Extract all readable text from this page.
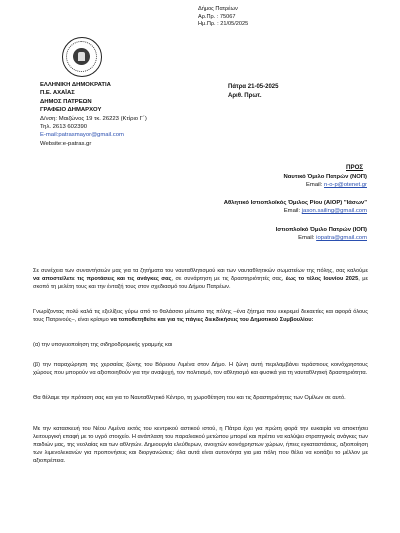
Δήμος Πατρέων
Αρ.Πρ. : 75067
Ημ.Πρ. : 21/05/2025
ΕΛΛΗΝΙΚΗ ΔΗΜΟΚΡΑΤΙΑ
Π.Ε. ΑΧΑΪΑΣ
ΔΗΜΟΣ ΠΑΤΡΕΩΝ
ΓΡΑΦΕΙΟ ΔΗΜΑΡΧΟΥ
Δ/νση: Μαιζώνος 19 τκ. 26223 (Κτίριο Γ΄)
Τηλ. 2613 602390
E-mail:patrasmayor@gmail.com
Website:e-patras.gr
Πάτρα 21-05-2025
Αριθ. Πρωτ.
ΠΡΟΣ
Ναυτικό Όμιλο Πατρών (ΝΟΠ)
Email: n-o-p@otenet.gr
Αθλητικό Ιστιοπλοϊκός Όμιλος Ρίου (ΑΙΟΡ) "Ιάσων"
Email: jason.sailing@gmail.com
Ιστιοπλοϊκό Όμιλο Πατρών (ΙΟΠ)
Email: iopatra@gmail.com
Σε συνέχεια των συναντήσεών μας για τα ζητήματα του ναυταθλητισμού και των ναυταθλητικών σωματείων της πόλης, σας καλούμε να αποστείλετε τις προτάσεις και τις ανάγκες σας, σε συνάρτηση με τις δραστηριότητές σας, έως το τέλος Ιουνίου 2025, με σκοπό τη μελέτη τους και την ένταξή τους στον σχεδιασμό του Δήμου Πατρέων.
Γνωρίζοντας πολύ καλά τις εξελίξεις γύρω από το θαλάσσιο μέτωπο της πόλης –ένα ζήτημα που εκκρεμεί δεκαετίες και αφορά όλους τους Πατρινούς–, είναι κρίσιμο να τοποθετηθείτε και για τις πάγιες διεκδικήσεις του Δημοτικού Συμβουλίου:
(α) την υπογειοποίηση της σιδηροδρομικής γραμμής και
(β) την παραχώρηση της χερσαίας ζώνης του Βόρειου Λιμένα στον Δήμο. Η ζώνη αυτή περιλαμβάνει τεράστιους κοινόχρηστους χώρους που μπορούν να αξιοποιηθούν για την αναψυχή, τον πολιτισμό, τον αθλητισμό και φυσικά για τη ναυταθλητική δραστηριότητα.
Θα θέλαμε την πρόταση σας και για το Ναυταθλητικό Κέντρο, τη χωροθέτηση του και τις δραστηριότητες των Ομίλων σε αυτό.
Με την κατασκευή του Νέου Λιμένα εκτός του κεντρικού αστικού ιστού, η Πάτρα έχει για πρώτη φορά την ευκαιρία να αποκτήσει λειτουργική επαφή με το υγρό στοιχείο. Η ανάπλαση του παραλιακού μετώπου μπορεί και πρέπει να καλύψει στρατηγικές ανάγκες των παιδιών μας, της νεολαίας και των αθλητών. Δημιουργία ελεύθερων, ανοιχτών κοινόχρηστων χώρων, ήπιες εγκαταστάσεις, αξιοποίηση των λιμενολεκανών για προπονήσεις και διοργανώσεις: όλα αυτά είναι αυτονόητα για μια πόλη που θέλει να κοιτάξει το μέλλον με αξιοπρέπεια.
